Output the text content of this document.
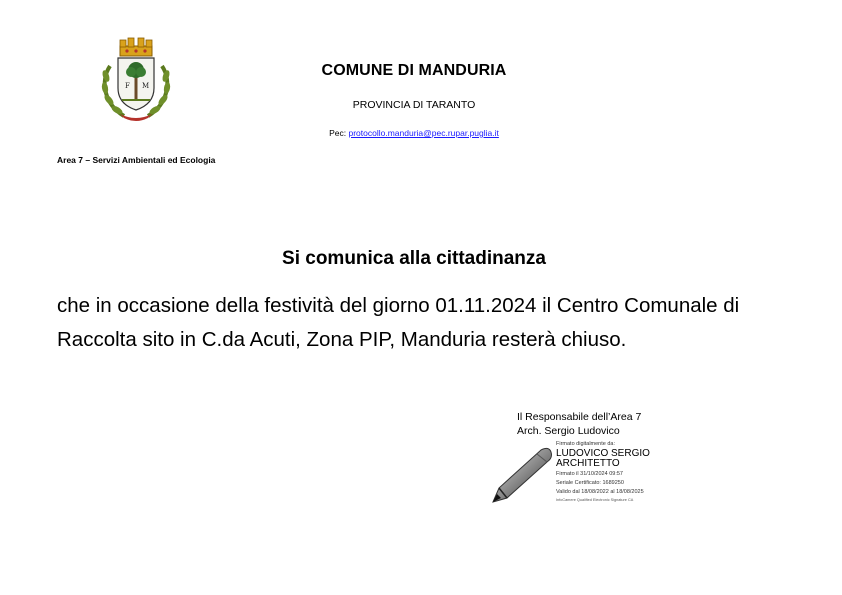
F M
COMUNE DI MANDURIA
PROVINCIA DI TARANTO
Pec: protocollo.manduria@pec.rupar.puglia.it
Area 7 – Servizi Ambientali ed Ecologia
Si comunica alla cittadinanza
che in occasione della festività del giorno 01.11.2024 il Centro Comunale di Raccolta sito in C.da Acuti, Zona PIP, Manduria resterà chiuso.
Il Responsabile dell’Area 7
Arch. Sergio Ludovico
Firmato digitalmente da:
LUDOVICO SERGIO ARCHITETTO
Firmato il 31/10/2024 09:57
Seriale Certificato: 1689250
Valido dal 18/08/2022 al 18/08/2025
InfoCamere Qualified Electronic Signature CA
